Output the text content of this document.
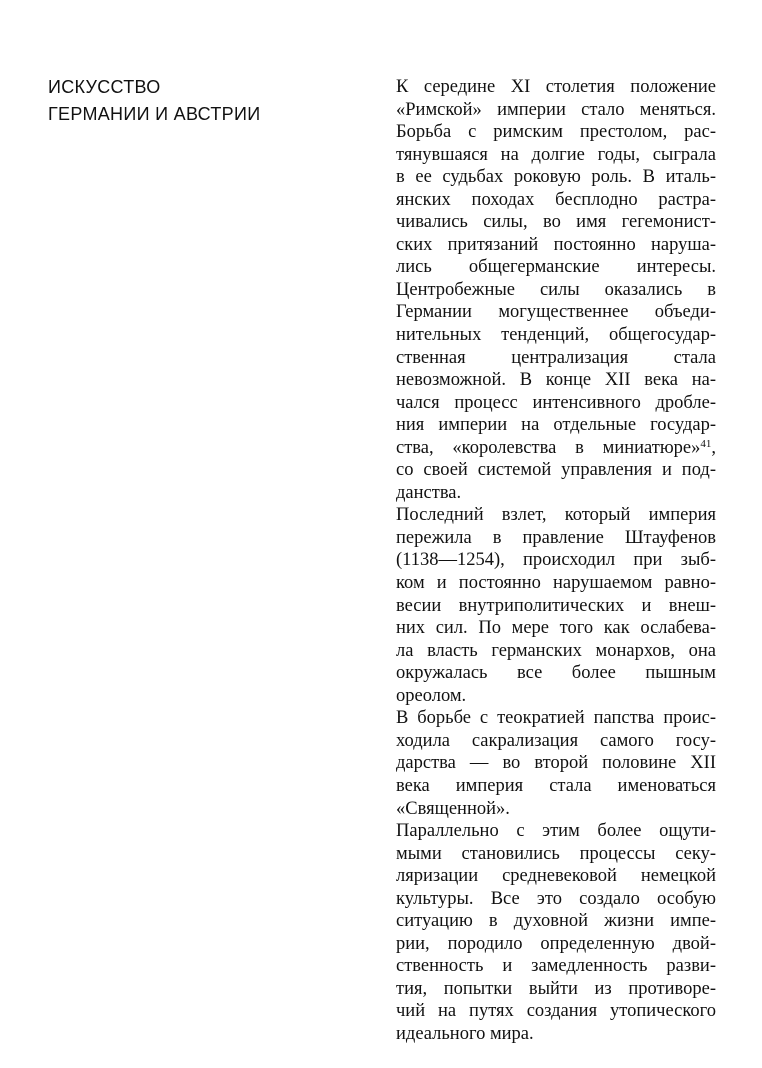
ИСКУССТВО
ГЕРМАНИИ И АВСТРИИ
К середине XI столетия положение
«Римской» империи стало меняться.
Борьба с римским престолом, рас-
тянувшаяся на долгие годы, сыграла
в ее судьбах роковую роль. В италь-
янских походах бесплодно растра-
чивались силы, во имя гегемонист-
ских притязаний постоянно наруша-
лись общегерманские интересы.
Центробежные силы оказались в
Германии могущественнее объеди-
нительных тенденций, общегосудар-
ственная централизация стала
невозможной. В конце XII века на-
чался процесс интенсивного дробле-
ния империи на отдельные государ-
ства, «королевства в миниатюре»$^{41}$,
со своей системой управления и под-
данства.
Последний взлет, который империя
пережила в правление Штауфенов
(1138—1254), происходил при зыб-
ком и постоянно нарушаемом равно-
весии внутриполитических и внеш-
них сил. По мере того как ослабева-
ла власть германских монархов, она
окружалась все более пышным
ореолом.
В борьбе с теократией папства проис-
ходила сакрализация самого госу-
дарства — во второй половине XII
века империя стала именоваться
«Священной».
Параллельно с этим более ощути-
мыми становились процессы секу-
ляризации средневековой немецкой
культуры. Все это создало особую
ситуацию в духовной жизни импе-
рии, породило определенную двой-
ственность и замедленность разви-
тия, попытки выйти из противоре-
чий на путях создания утопического
идеального мира.
